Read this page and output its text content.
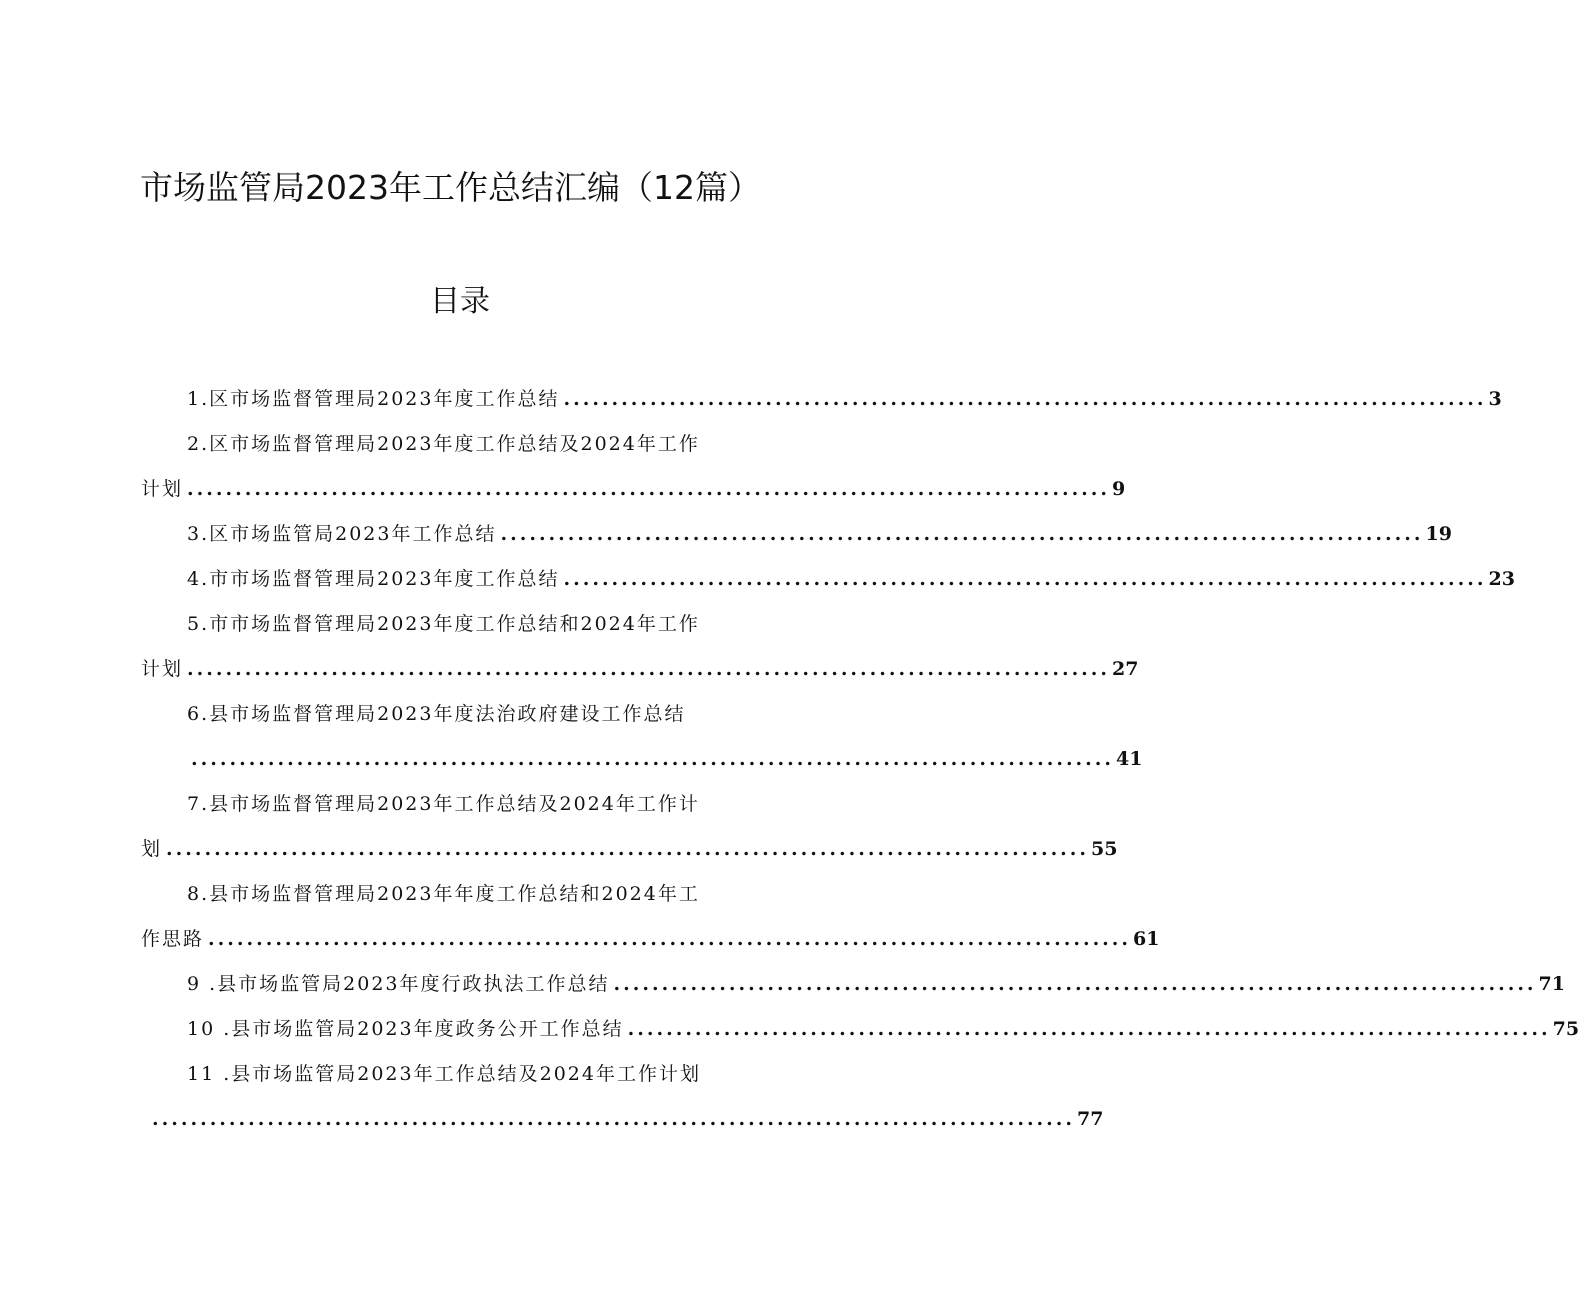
市场监管局2023年工作总结汇编（12篇）
目录
1.区市场监督管理局2023年度工作总结 ................................................................................................ 3
2.区市场监督管理局2023年度工作总结及2024年工作
计划 ................................................................................................ 9
3.区市场监管局2023年工作总结 ................................................................................................ 19
4.市市场监督管理局2023年度工作总结 ................................................................................................ 23
5.市市场监督管理局2023年度工作总结和2024年工作
计划 ................................................................................................ 27
6.县市场监督管理局2023年度法治政府建设工作总结
................................................................................................ 41
7.县市场监督管理局2023年工作总结及2024年工作计
划 ................................................................................................ 55
8.县市场监督管理局2023年年度工作总结和2024年工
作思路 ................................................................................................ 61
9 .县市场监管局2023年度行政执法工作总结 ................................................................................................ 71
10 .县市场监管局2023年度政务公开工作总结 ................................................................................................ 75
11 .县市场监管局2023年工作总结及2024年工作计划
................................................................................................ 77
